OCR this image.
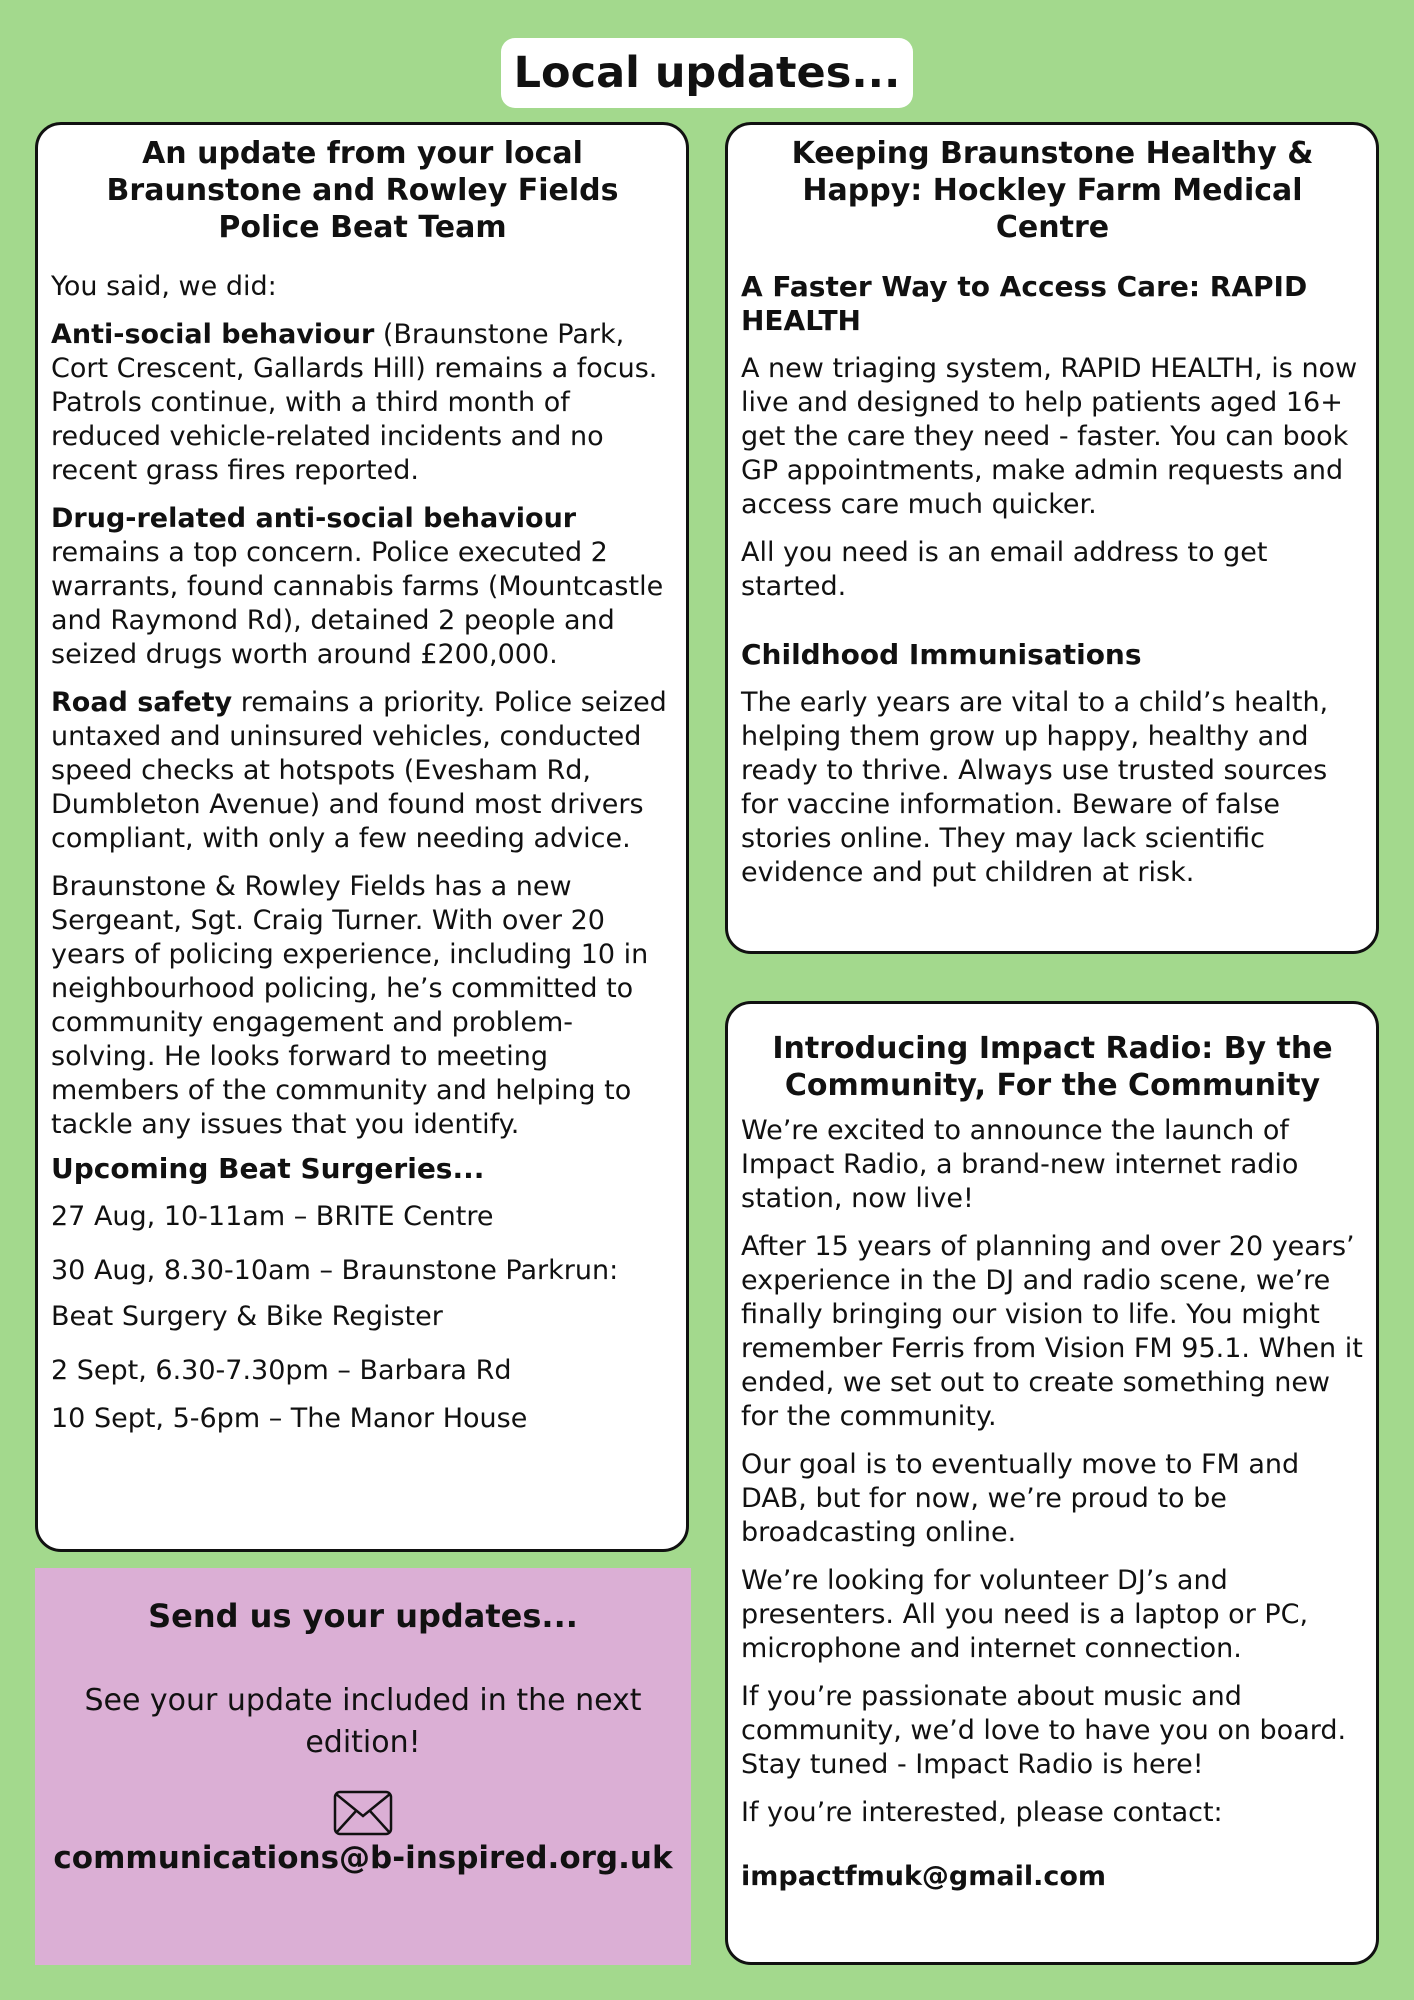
Local updates...
An update from your local Braunstone and Rowley Fields Police Beat Team

You said, we did:

Anti-social behaviour (Braunstone Park, Cort Crescent, Gallards Hill) remains a focus. Patrols continue, with a third month of reduced vehicle-related incidents and no recent grass fires reported.

Drug-related anti-social behaviour remains a top concern. Police executed 2 warrants, found cannabis farms (Mountcastle and Raymond Rd), detained 2 people and seized drugs worth around £200,000.

Road safety remains a priority. Police seized untaxed and uninsured vehicles, conducted speed checks at hotspots (Evesham Rd, Dumbleton Avenue) and found most drivers compliant, with only a few needing advice.

Braunstone & Rowley Fields has a new Sergeant, Sgt. Craig Turner. With over 20 years of policing experience, including 10 in neighbourhood policing, he’s committed to community engagement and problem-solving. He looks forward to meeting members of the community and helping to tackle any issues that you identify.

Upcoming Beat Surgeries...

27 Aug, 10-11am – BRITE Centre

30 Aug, 8.30-10am – Braunstone Parkrun:

Beat Surgery & Bike Register

2 Sept, 6.30-7.30pm – Barbara Rd

10 Sept, 5-6pm – The Manor House

Keeping Braunstone Healthy & Happy: Hockley Farm Medical Centre
A Faster Way to Access Care: RAPID HEALTH

A new triaging system, RAPID HEALTH, is now live and designed to help patients aged 16+ get the care they need - faster. You can book GP appointments, make admin requests and access care much quicker.

All you need is an email address to get started.

Childhood Immunisations

The early years are vital to a child’s health, helping them grow up happy, healthy and ready to thrive. Always use trusted sources for vaccine information. Beware of false stories online. They may lack scientific evidence and put children at risk.

Introducing Impact Radio: By the Community, For the Community

We’re excited to announce the launch of Impact Radio, a brand-new internet radio station, now live!

After 15 years of planning and over 20 years’ experience in the DJ and radio scene, we’re finally bringing our vision to life. You might remember Ferris from Vision FM 95.1. When it ended, we set out to create something new for the community.

Our goal is to eventually move to FM and DAB, but for now, we’re proud to be broadcasting online.

We’re looking for volunteer DJ’s and presenters. All you need is a laptop or PC, microphone and internet connection.

If you’re passionate about music and community, we’d love to have you on board. Stay tuned - Impact Radio is here!

If you’re interested, please contact:

impactfmuk@gmail.com

Send us your updates...

See your update included in the next edition!

communications@b-inspired.org.uk
